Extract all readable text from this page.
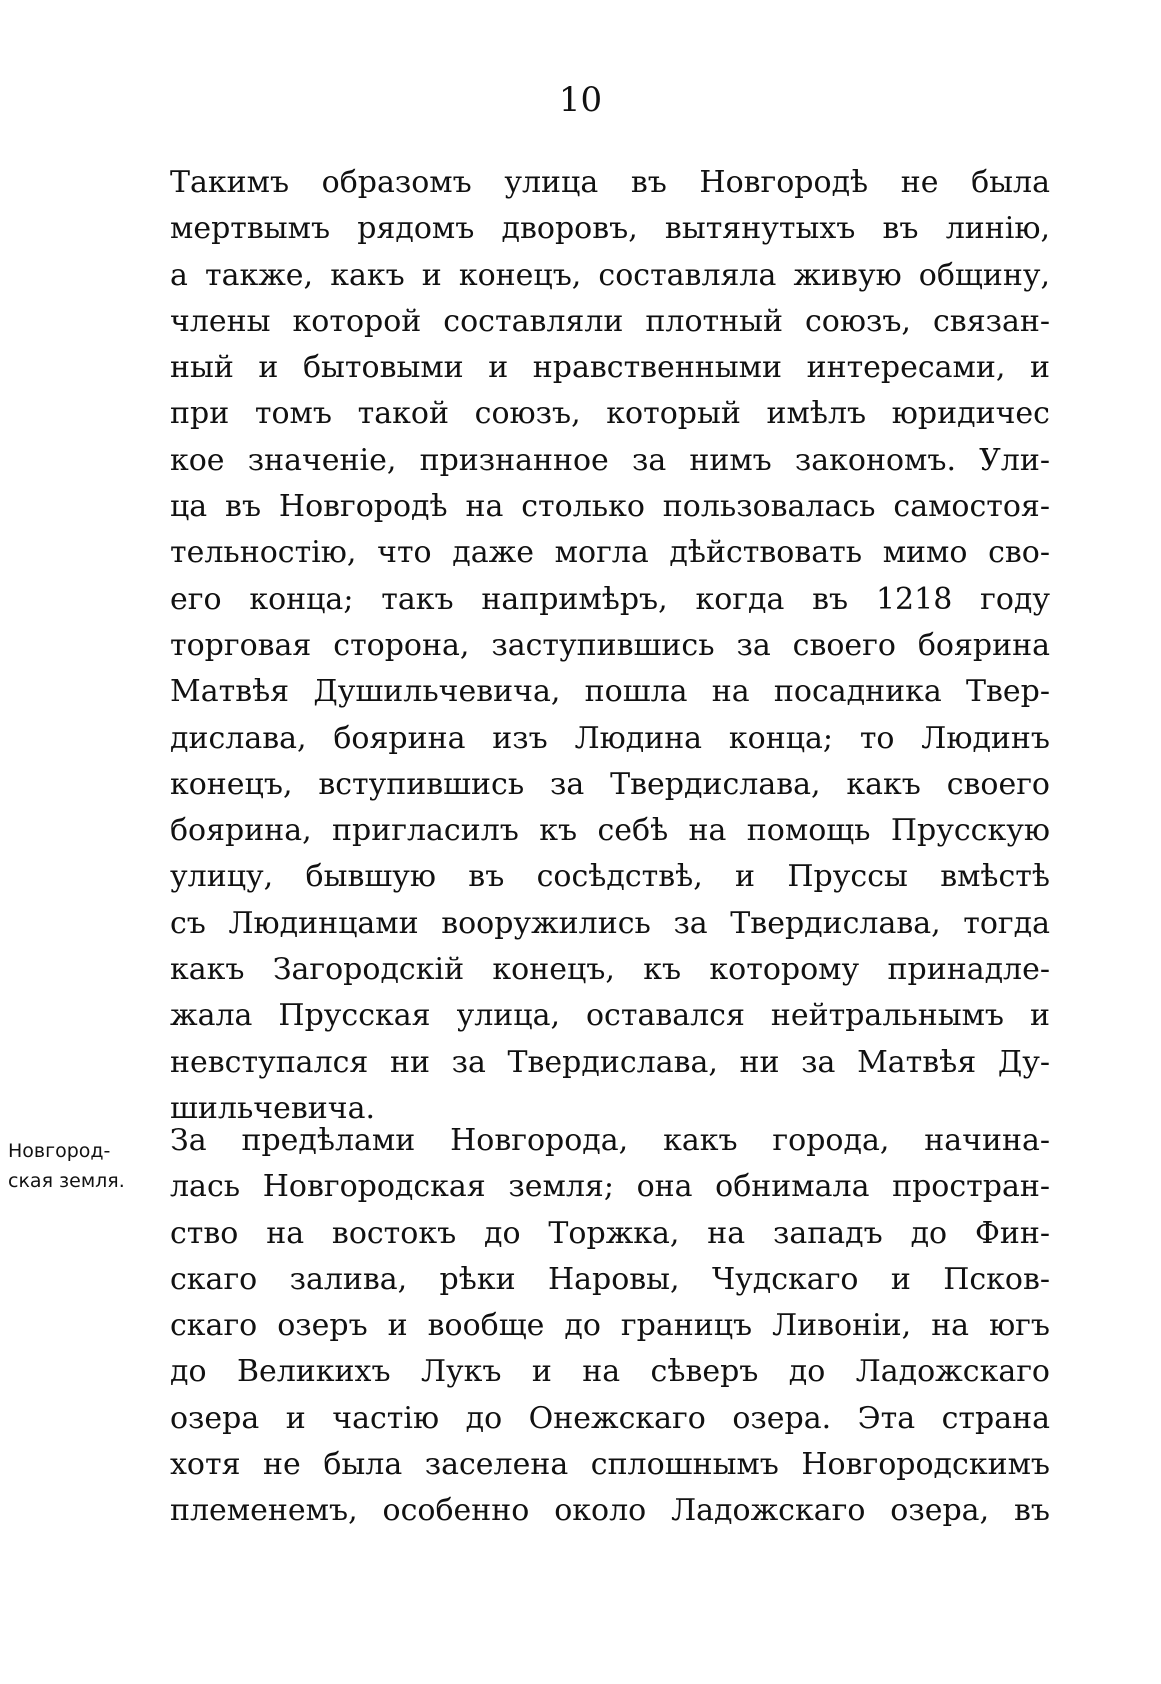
10
Такимъ образомъ улица въ Новгородѣ не была
мертвымъ рядомъ дворовъ, вытянутыхъ въ линію,
а также, какъ и конецъ, составляла живую общину,
члены которой составляли плотный союзъ, связан-
ный и бытовыми и нравственными интересами, и
при томъ такой союзъ, который имѣлъ юридичес
кое значеніе, признанное за нимъ закономъ. Ули-
ца въ Новгородѣ на столько пользовалась самостоя-
тельностію, что даже могла дѣйствовать мимо сво-
его конца; такъ напримѣръ, когда въ 1218 году
торговая сторона, заступившись за своего боярина
Матвѣя Душильчевича, пошла на посадника Твер-
дислава, боярина изъ Людина конца; то Людинъ
конецъ, вступившись за Твердислава, какъ своего
боярина, пригласилъ къ себѣ на помощь Прусскую
улицу, бывшую въ сосѣдствѣ, и Пруссы вмѣстѣ
съ Людинцами вооружились за Твердислава, тогда
какъ Загородскій конецъ, къ которому принадле-
жала Прусская улица, оставался нейтральнымъ и
невступался ни за Твердислава, ни за Матвѣя Ду-
шильчевича.
Новгород-
ская земля.
За предѣлами Новгорода, какъ города, начина-
лась Новгородская земля; она обнимала простран-
ство на востокъ до Торжка, на западъ до Фин-
скаго залива, рѣки Наровы, Чудскаго и Псков-
скаго озеръ и вообще до границъ Ливоніи, на югъ
до Великихъ Лукъ и на сѣверъ до Ладожскаго
озера и частію до Онежскаго озера. Эта страна
хотя не была заселена сплошнымъ Новгородскимъ
племенемъ, особенно около Ладожскаго озера, въ
